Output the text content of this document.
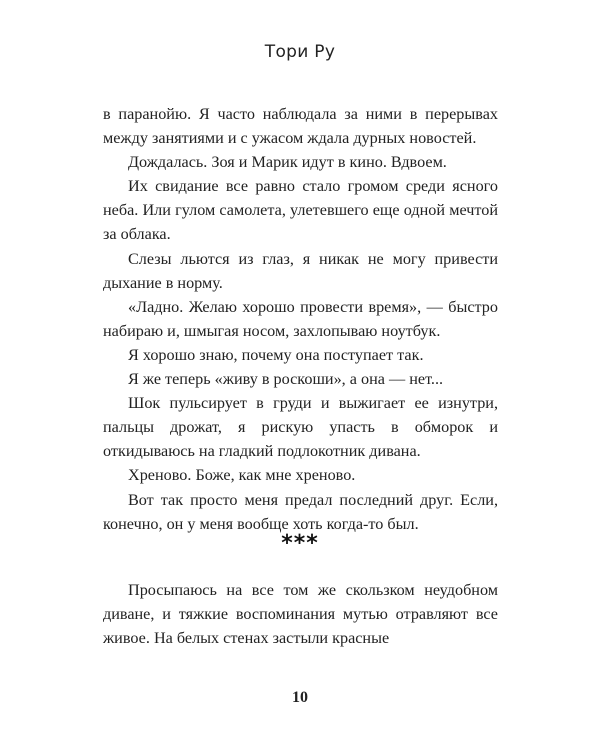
Тори Ру

в паранойю. Я часто наблюдала за ними в перерывах между занятиями и с ужасом ждала дурных новостей.

Дождалась. Зоя и Марик идут в кино. Вдвоем.

Их свидание все равно стало громом среди ясного неба. Или гулом самолета, улетевшего еще одной мечтой за облака.

Слезы льются из глаз, я никак не могу привести дыхание в норму.

«Ладно. Желаю хорошо провести время», — быстро набираю и, шмыгая носом, захлопываю ноутбук.

Я хорошо знаю, почему она поступает так.

Я же теперь «живу в роскоши», а она — нет...

Шок пульсирует в груди и выжигает ее изнутри, пальцы дрожат, я рискую упасть в обморок и откидываюсь на гладкий подлокотник дивана.

Хреново. Боже, как мне хреново.

Вот так просто меня предал последний друг. Если, конечно, он у меня вообще хоть когда-то был.

***

Просыпаюсь на все том же скользком неудобном диване, и тяжкие воспоминания мутью отравляют все живое. На белых стенах застыли красные

10
